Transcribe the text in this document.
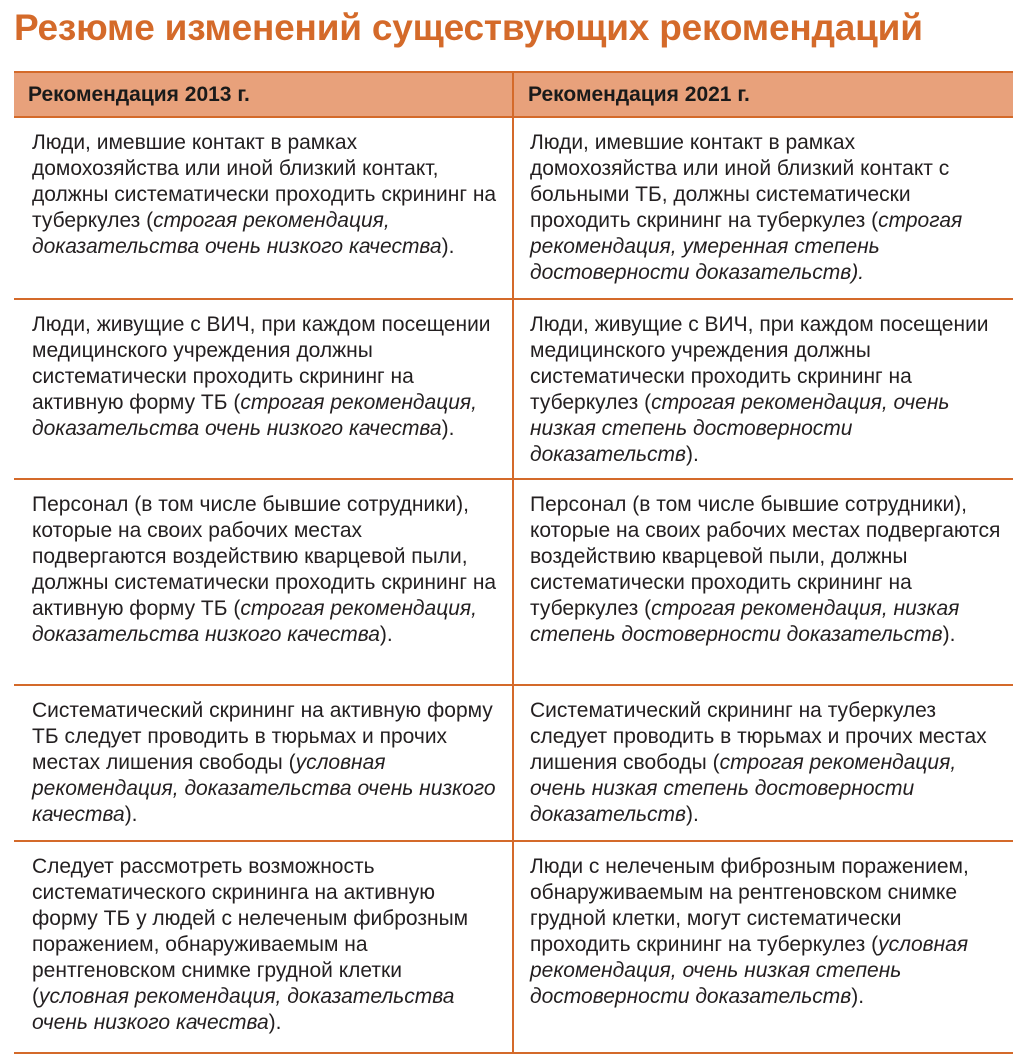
Резюме изменений существующих рекомендаций
Рекомендация 2013 г.	Рекомендация 2021 г.
Люди, имевшие контакт в рамках домохозяйства или иной близкий контакт, должны систематически проходить скрининг на туберкулез (строгая рекомендация, доказательства очень низкого качества).
Люди, имевшие контакт в рамках домохозяйства или иной близкий контакт с больными ТБ, должны систематически проходить скрининг на туберкулез (строгая рекомендация, умеренная степень достоверности доказательств).
Люди, живущие с ВИЧ, при каждом посещении медицинского учреждения должны систематически проходить скрининг на активную форму ТБ (строгая рекомендация, доказательства очень низкого качества).
Люди, живущие с ВИЧ, при каждом посещении медицинского учреждения должны систематически проходить скрининг на туберкулез (строгая рекомендация, очень низкая степень достоверности доказательств).
Персонал (в том числе бывшие сотрудники), которые на своих рабочих местах подвергаются воздействию кварцевой пыли, должны систематически проходить скрининг на активную форму ТБ (строгая рекомендация, доказательства низкого качества).
Персонал (в том числе бывшие сотрудники), которые на своих рабочих местах подвергаются воздействию кварцевой пыли, должны систематически проходить скрининг на туберкулез (строгая рекомендация, низкая степень достоверности доказательств).
Систематический скрининг на активную форму ТБ следует проводить в тюрьмах и прочих местах лишения свободы (условная рекомендация, доказательства очень низкого качества).
Систематический скрининг на туберкулез следует проводить в тюрьмах и прочих местах лишения свободы (строгая рекомендация, очень низкая степень достоверности доказательств).
Следует рассмотреть возможность систематического скрининга на активную форму ТБ у людей с нелеченым фиброзным поражением, обнаруживаемым на рентгеновском снимке грудной клетки (условная рекомендация, доказательства очень низкого качества).
Люди с нелеченым фиброзным поражением, обнаруживаемым на рентгеновском снимке грудной клетки, могут систематически проходить скрининг на туберкулез (условная рекомендация, очень низкая степень достоверности доказательств).
